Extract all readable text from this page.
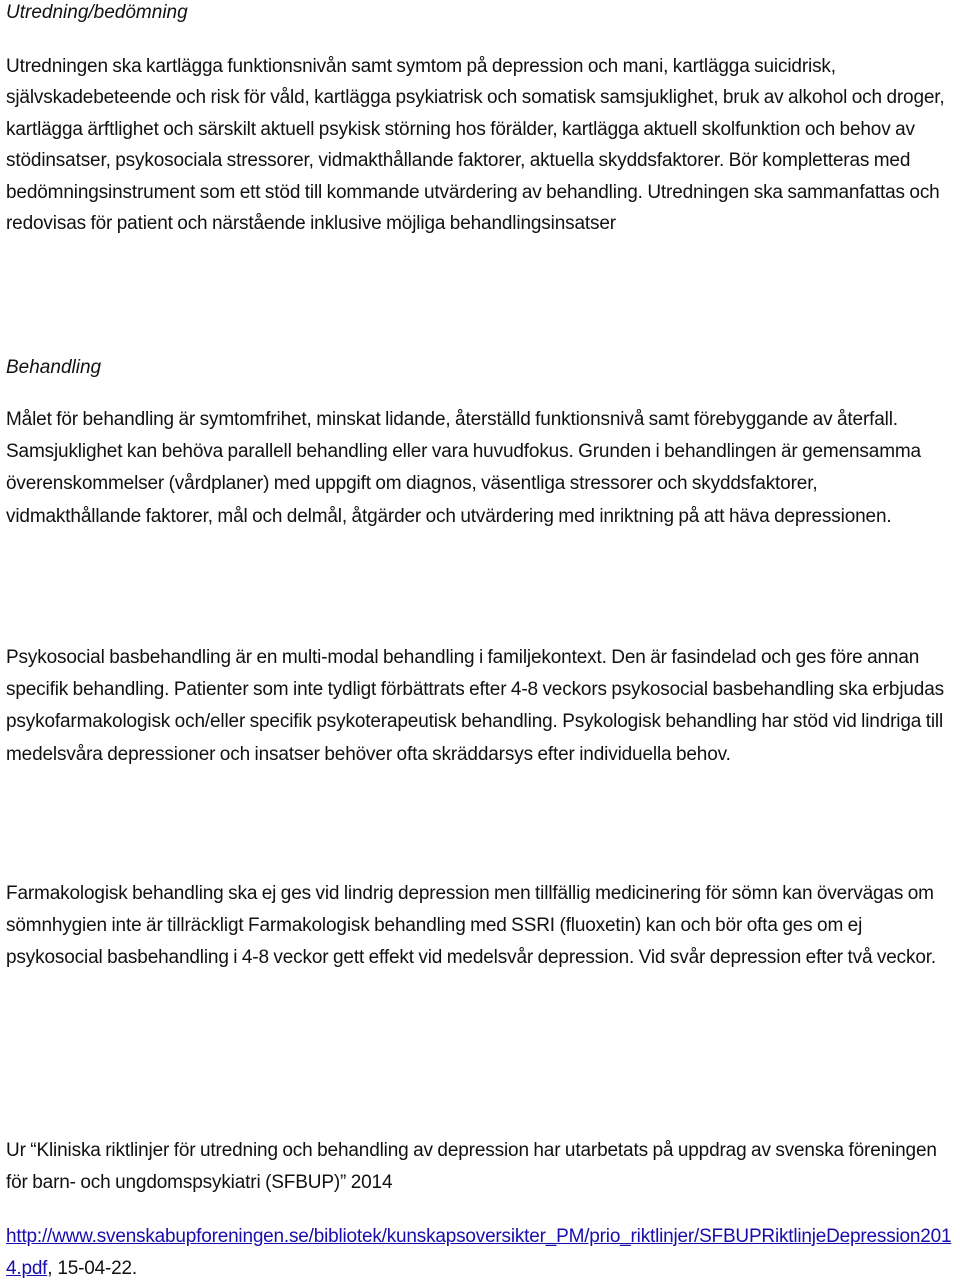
Utredning/bedömning

Utredningen ska kartlägga funktionsnivån samt symtom på depression och mani, kartlägga suicidrisk, självskadebeteende och risk för våld, kartlägga psykiatrisk och somatisk samsjuklighet, bruk av alkohol och droger, kartlägga ärftlighet och särskilt aktuell psykisk störning hos förälder, kartlägga aktuell skolfunktion och behov av stödinsatser, psykosociala stressorer, vidmakthållande faktorer, aktuella skyddsfaktorer. Bör kompletteras med bedömningsinstrument som ett stöd till kommande utvärdering av behandling. Utredningen ska sammanfattas och redovisas för patient och närstående inklusive möjliga behandlingsinsatser

Behandling

Målet för behandling är symtomfrihet, minskat lidande, återställd funktionsnivå samt förebyggande av återfall. Samsjuklighet kan behöva parallell behandling eller vara huvudfokus. Grunden i behandlingen är gemensamma överenskommelser (vårdplaner) med uppgift om diagnos, väsentliga stressorer och skyddsfaktorer, vidmakthållande faktorer, mål och delmål, åtgärder och utvärdering med inriktning på att häva depressionen.

Psykosocial basbehandling är en multi-modal behandling i familjekontext. Den är fasindelad och ges före annan specifik behandling. Patienter som inte tydligt förbättrats efter 4-8 veckors psykosocial basbehandling ska erbjudas psykofarmakologisk och/eller specifik psykoterapeutisk behandling. Psykologisk behandling har stöd vid lindriga till medelsvåra depressioner och insatser behöver ofta skräddarsys efter individuella behov.

Farmakologisk behandling ska ej ges vid lindrig depression men tillfällig medicinering för sömn kan övervägas om sömnhygien inte är tillräckligt Farmakologisk behandling med SSRI (fluoxetin) kan och bör ofta ges om ej psykosocial basbehandling i 4-8 veckor gett effekt vid medelsvår depression. Vid svår depression efter två veckor.

Ur “Kliniska riktlinjer för utredning och behandling av depression har utarbetats på uppdrag av svenska föreningen för barn- och ungdomspsykiatri (SFBUP)” 2014

http://www.svenskabupforeningen.se/bibliotek/kunskapsoversikter_PM/prio_riktlinjer/SFBUPRiktlinjeDepression2014.pdf, 15-04-22.
